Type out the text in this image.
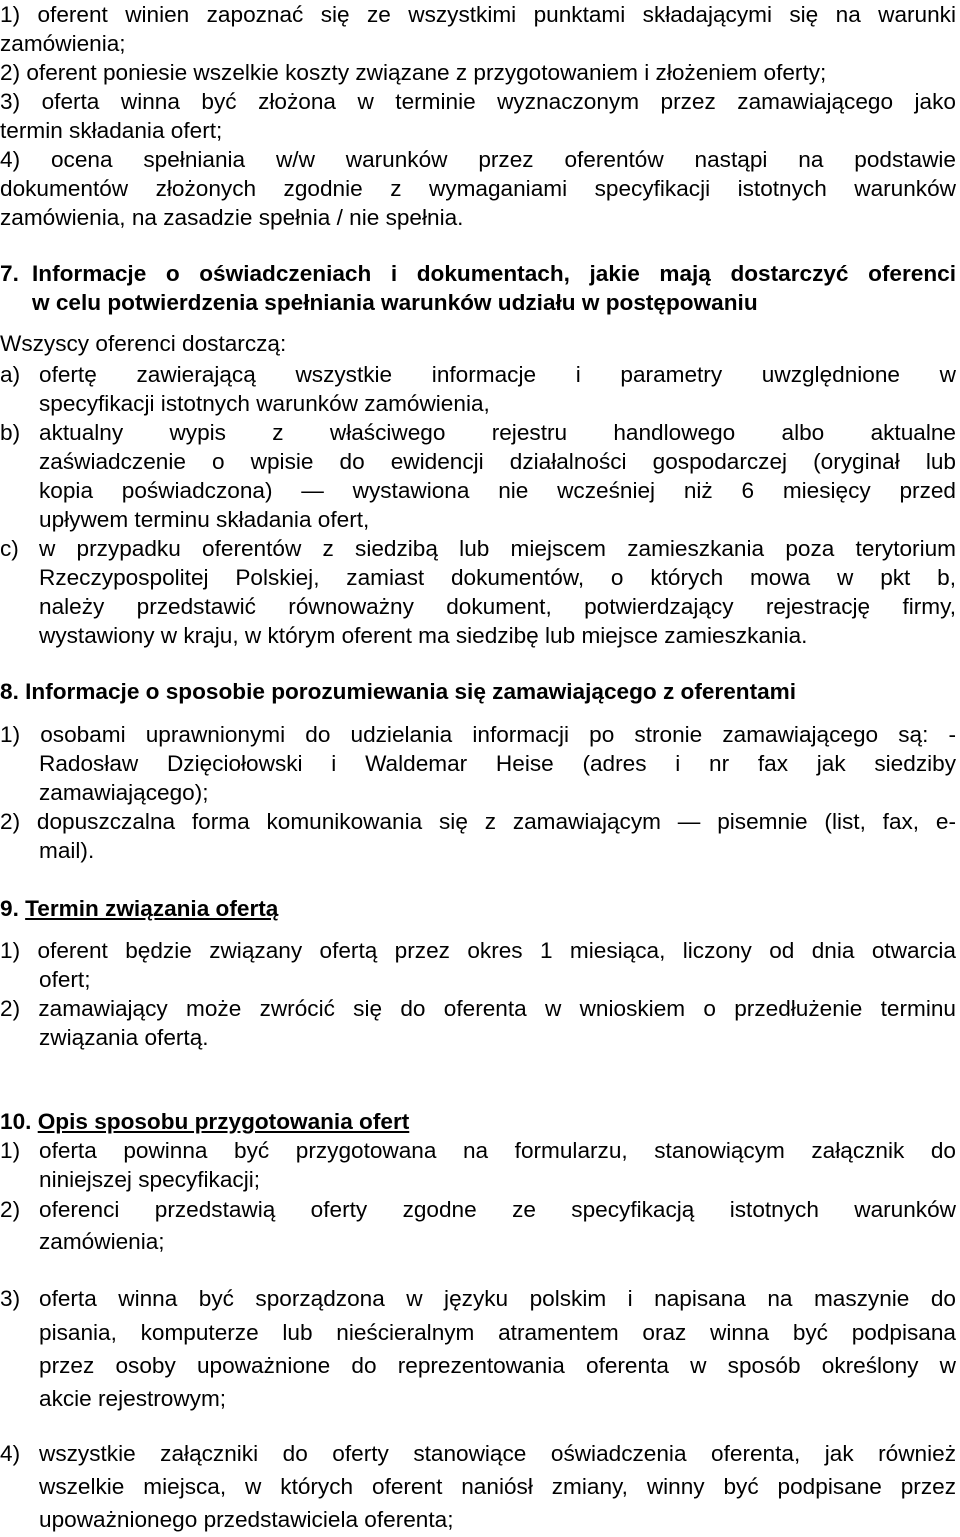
1) oferent winien zapoznać się ze wszystkimi punktami składającymi się na warunki
zamówienia;
2) oferent poniesie wszelkie koszty związane z przygotowaniem i złożeniem oferty;
3) oferta winna być złożona w terminie wyznaczonym przez zamawiającego jako
termin składania ofert;
4) ocena spełniania w/w warunków przez oferentów nastąpi na podstawie
dokumentów złożonych zgodnie z wymaganiami specyfikacji istotnych warunków
zamówienia, na zasadzie spełnia / nie spełnia.
7. Informacje o oświadczeniach i dokumentach, jakie mają dostarczyć oferenci
w celu potwierdzenia spełniania warunków udziału w postępowaniu
Wszyscy oferenci dostarczą:
a) ofertę zawierającą wszystkie informacje i parametry uwzględnione w
specyfikacji istotnych warunków zamówienia,
b) aktualny wypis z właściwego rejestru handlowego albo aktualne
zaświadczenie o wpisie do ewidencji działalności gospodarczej (oryginał lub
kopia poświadczona) ― wystawiona nie wcześniej niż 6 miesięcy przed
upływem terminu składania ofert,
c) w przypadku oferentów z siedzibą lub miejscem zamieszkania poza terytorium
Rzeczypospolitej Polskiej, zamiast dokumentów, o których mowa w pkt b,
należy przedstawić równoważny dokument, potwierdzający rejestrację firmy,
wystawiony w kraju, w którym oferent ma siedzibę lub miejsce zamieszkania.
8. Informacje o sposobie porozumiewania się zamawiającego z oferentami
1) osobami uprawnionymi do udzielania informacji po stronie zamawiającego są: -
Radosław Dzięciołowski i Waldemar Heise (adres i nr fax jak siedziby
zamawiającego);
2) dopuszczalna forma komunikowania się z zamawiającym ― pisemnie (list, fax, e-
mail).
9. Termin związania ofertą
1) oferent będzie związany ofertą przez okres 1 miesiąca, liczony od dnia otwarcia
ofert;
2) zamawiający może zwrócić się do oferenta w wnioskiem o przedłużenie terminu
związania ofertą.
10. Opis sposobu przygotowania ofert
1) oferta powinna być przygotowana na formularzu, stanowiącym załącznik do
niniejszej specyfikacji;
2) oferenci przedstawią oferty zgodne ze specyfikacją istotnych warunków
zamówienia;
3) oferta winna być sporządzona w języku polskim i napisana na maszynie do
pisania, komputerze lub nieścieralnym atramentem oraz winna być podpisana
przez osoby upoważnione do reprezentowania oferenta w sposób określony w
akcie rejestrowym;
4) wszystkie załączniki do oferty stanowiące oświadczenia oferenta, jak również
wszelkie miejsca, w których oferent naniósł zmiany, winny być podpisane przez
upoważnionego przedstawiciela oferenta;
